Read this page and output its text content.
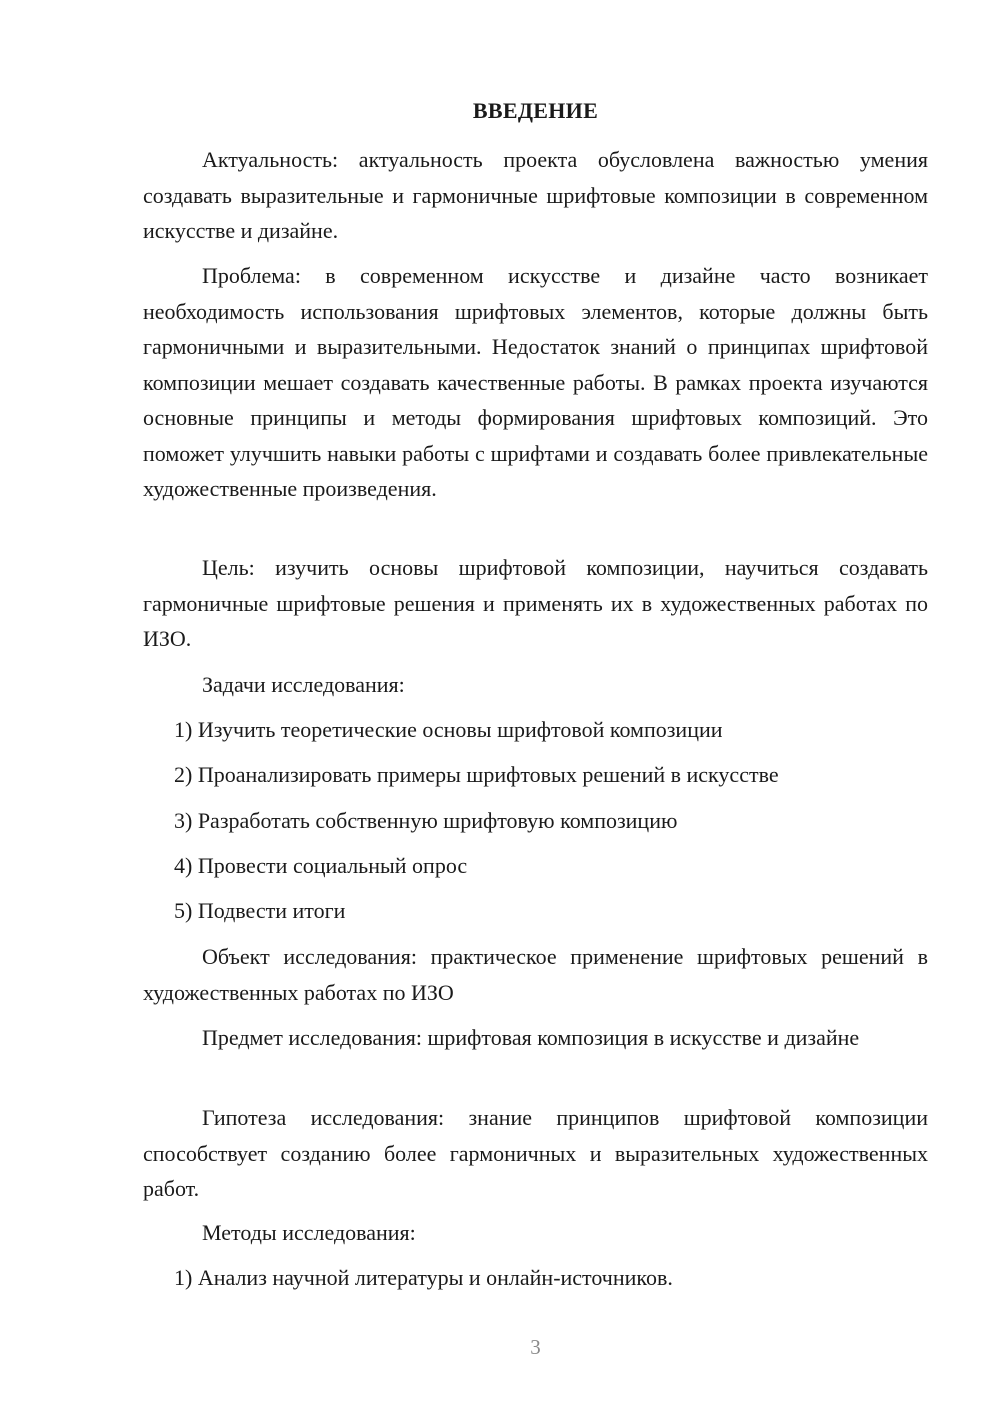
ВВЕДЕНИЕ

Актуальность: актуальность проекта обусловлена важностью умения создавать выразительные и гармоничные шрифтовые композиции в современном искусстве и дизайне.

Проблема: в современном искусстве и дизайне часто возникает необходимость использования шрифтовых элементов, которые должны быть гармоничными и выразительными. Недостаток знаний о принципах шрифтовой композиции мешает создавать качественные работы. В рамках проекта изучаются основные принципы и методы формирования шрифтовых композиций. Это поможет улучшить навыки работы с шрифтами и создавать более привлекательные художественные произведения.

Цель: изучить основы шрифтовой композиции, научиться создавать гармоничные шрифтовые решения и применять их в художественных работах по ИЗО.

Задачи исследования:

1) Изучить теоретические основы шрифтовой композиции

2) Проанализировать примеры шрифтовых решений в искусстве

3) Разработать собственную шрифтовую композицию

4) Провести социальный опрос

5) Подвести итоги

Объект исследования: практическое применение шрифтовых решений в художественных работах по ИЗО

Предмет исследования: шрифтовая композиция в искусстве и дизайне

Гипотеза исследования: знание принципов шрифтовой композиции способствует созданию более гармоничных и выразительных художественных работ.

Методы исследования:

1) Анализ научной литературы и онлайн-источников.

3
